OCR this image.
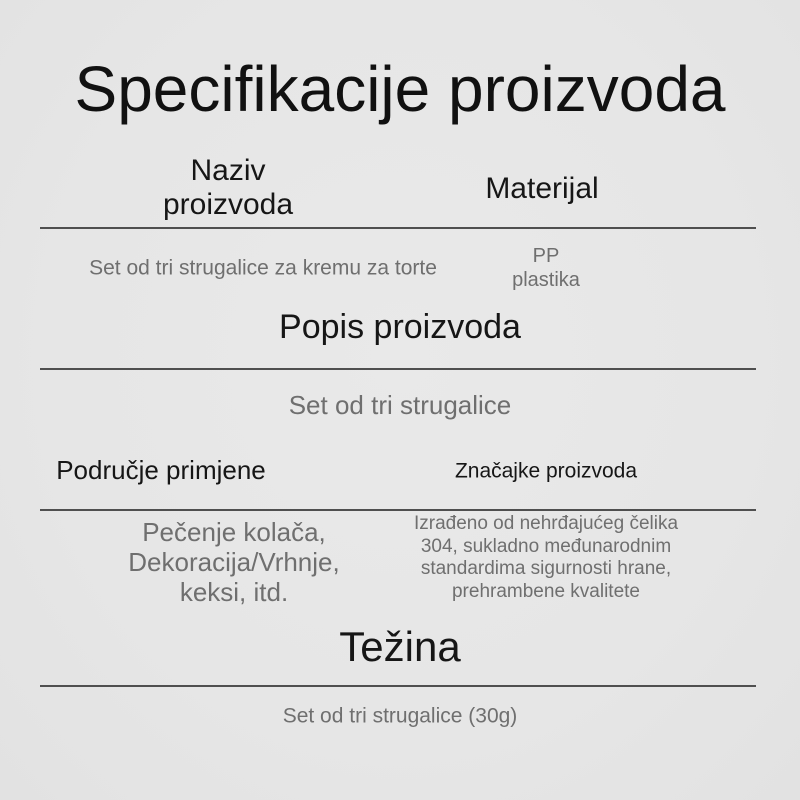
Specifikacije proizvoda
Naziv
proizvoda	Materijal
Set od tri strugalice za kremu za torte
PP
plastika
Popis proizvoda
Set od tri strugalice
Područje primjene	Značajke proizvoda
Pečenje kolača,
Dekoracija/Vrhnje,
keksi, itd.
Izrađeno od nehrđajućeg čelika
304, sukladno međunarodnim
standardima sigurnosti hrane,
prehrambene kvalitete
Težina
Set od tri strugalice (30g)
